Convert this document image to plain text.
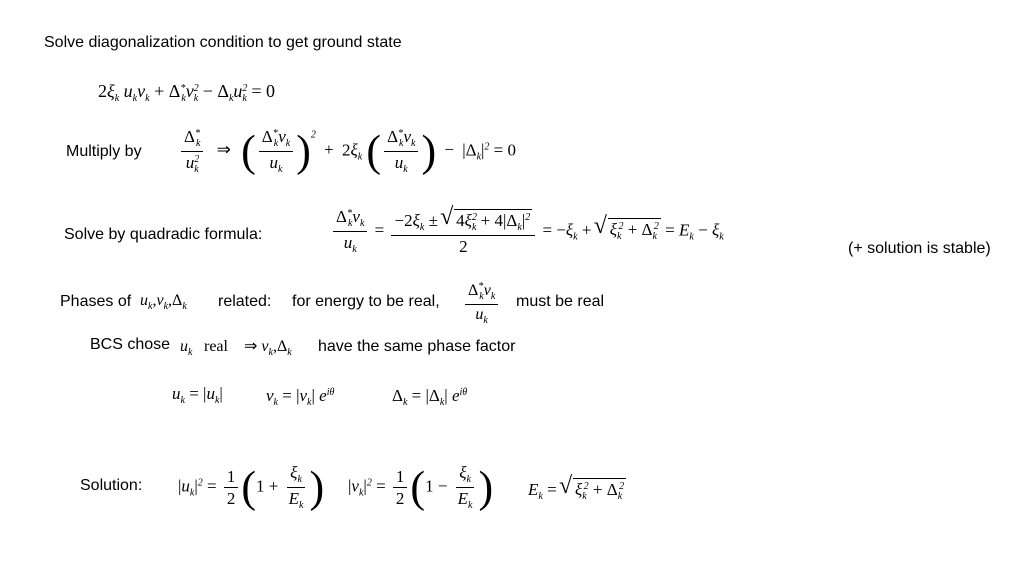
Solve diagonalization condition to get ground state
$2\xi_k$ $u_kv_k + \Delta^*_kv^2_k - \Delta_ku^2_k = 0$
Multiply by $\frac{\Delta^*_k}{u^2_k}$ ⇒ ( $\frac{\Delta^*_kv_k}{u_k} )^2 + 2\xi_k$ ( $\frac{\Delta^*_kv_k}{u_k}$ ) − $|\Delta_k|^2 = 0$
Solve by quadradic formula:	$\frac{\Delta^*_kv_k}{u_k} = \frac{-2\xi_k \pm √ 4\xi^2_k + 4|\Delta_k|^2}{2} = -\xi_k$ + √ $\xi_k^2 + \Delta_k^2 = E_k - \xi_k$
(+ solution is stable)
Phases of $u_k,v_k,\Delta_k$ related: for energy to be real, $\frac{\Delta^*_kv_k}{u_k}$ must be real
BCS chose $u_k$ real ⇒ $v_k,\Delta_k$ have the same phase factor
$u_k = |u_k|$	$v_k = |v_k|$ $e^{i\theta}$	$\Delta_k = |\Delta_k|$ $e^{i\theta}$
Solution: $|u_k|^2 = \frac{1}{2} (1 + \frac{\xi_k}{E_k}$ ) $|v_k|^2 = \frac{1}{2} (1 - \frac{\xi_k}{E_k}$ ) $E_k$ = √ $\xi_k^2 + \Delta_k^2$
